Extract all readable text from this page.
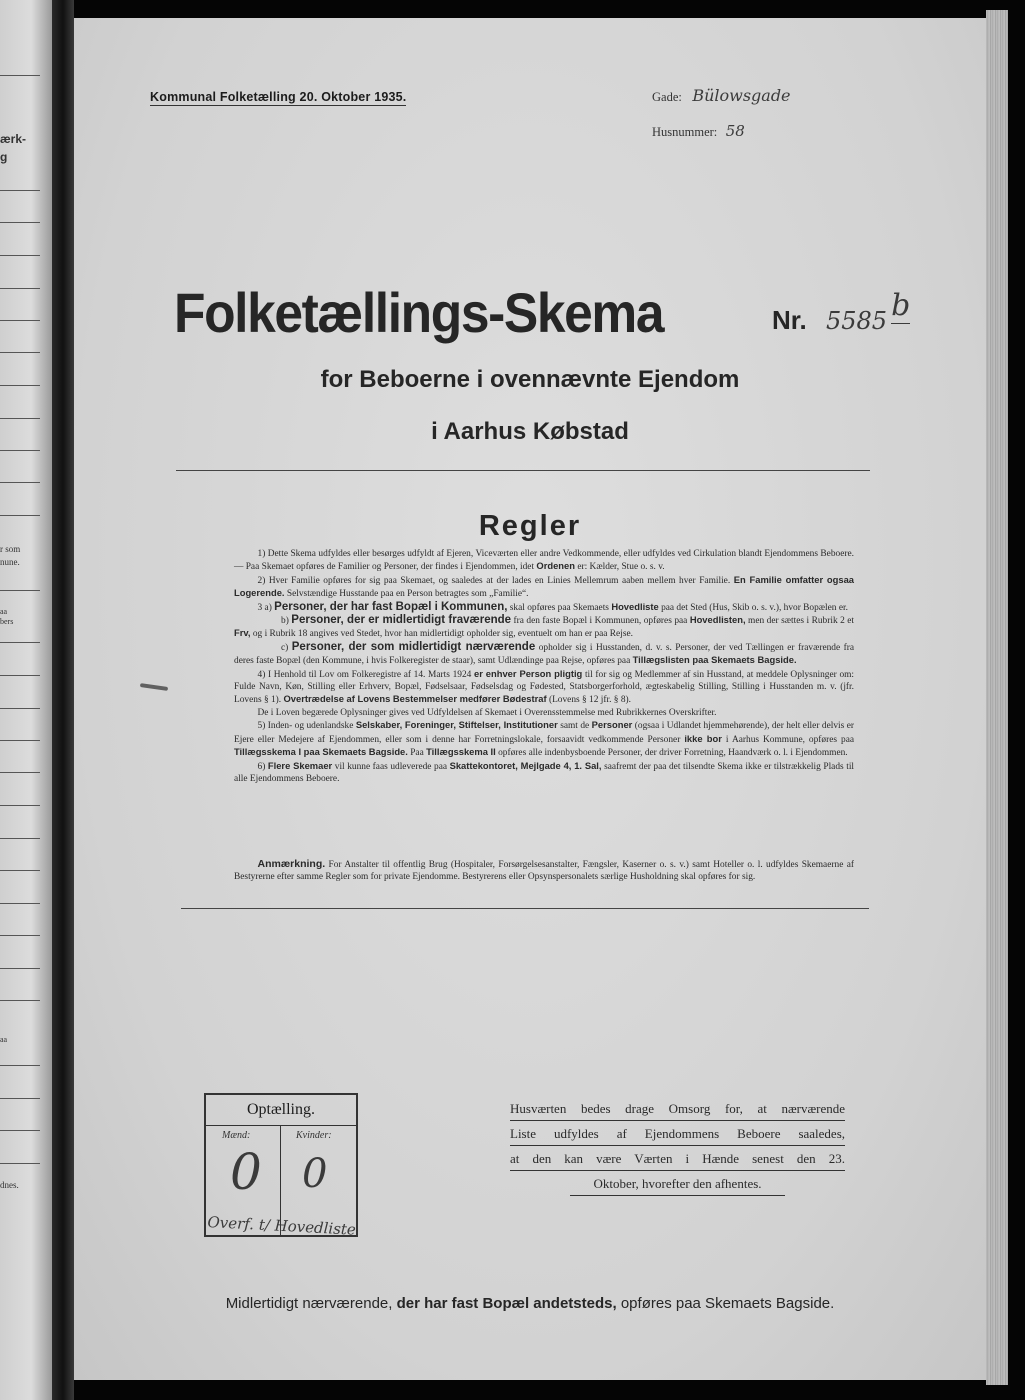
ærk-
g
r som
nune.
aa
bers
aa
dnes.
Kommunal Folketælling 20. Oktober 1935.	Gade: Bülowsgade
Husnummer: 58
Folketællings-Skema	Nr. 5585 b
for Beboerne i ovennævnte Ejendom
i Aarhus Købstad
Regler

1) Dette Skema udfyldes eller besørges udfyldt af Ejeren, Viceværten eller andre Vedkommende, eller udfyldes ved Cirkulation blandt Ejendommens Beboere. — Paa Skemaet opføres de Familier og Personer, der findes i Ejendommen, idet Ordenen er: Kælder, Stue o. s. v.

2) Hver Familie opføres for sig paa Skemaet, og saaledes at der lades en Linies Mellemrum aaben mellem hver Familie. En Familie omfatter ogsaa Logerende. Selvstændige Husstande paa en Person betragtes som „Familie“.

3 a) Personer, der har fast Bopæl i Kommunen, skal opføres paa Skemaets Hovedliste paa det Sted (Hus, Skib o. s. v.), hvor Bopælen er.

b) Personer, der er midlertidigt fraværende fra den faste Bopæl i Kommunen, opføres paa Hovedlisten, men der sættes i Rubrik 2 et Frv, og i Rubrik 18 angives ved Stedet, hvor han midlertidigt opholder sig, eventuelt om han er paa Rejse.

c) Personer, der som midlertidigt nærværende opholder sig i Husstanden, d. v. s. Personer, der ved Tællingen er fraværende fra deres faste Bopæl (den Kommune, i hvis Folkeregister de staar), samt Udlændinge paa Rejse, opføres paa Tillægslisten paa Skemaets Bagside.

4) I Henhold til Lov om Folkeregistre af 14. Marts 1924 er enhver Person pligtig til for sig og Medlemmer af sin Husstand, at meddele Oplysninger om: Fulde Navn, Køn, Stilling eller Erhverv, Bopæl, Fødselsaar, Fødselsdag og Fødested, Statsborgerforhold, ægteskabelig Stilling, Stilling i Husstanden m. v. (jfr. Lovens § 1). Overtrædelse af Lovens Bestemmelser medfører Bødestraf (Lovens § 12 jfr. § 8).

De i Loven begærede Oplysninger gives ved Udfyldelsen af Skemaet i Overensstemmelse med Rubrikkernes Overskrifter.

5) Inden- og udenlandske Selskaber, Foreninger, Stiftelser, Institutioner samt de Personer (ogsaa i Udlandet hjemmehørende), der helt eller delvis er Ejere eller Medejere af Ejendommen, eller som i denne har Forretningslokale, forsaavidt vedkommende Personer ikke bor i Aarhus Kommune, opføres paa Tillægsskema I paa Skemaets Bagside. Paa Tillægsskema II opføres alle indenbysboende Personer, der driver Forretning, Haandværk o. l. i Ejendommen.

6) Flere Skemaer vil kunne faas udleverede paa Skattekontoret, Mejlgade 4, 1. Sal, saafremt der paa det tilsendte Skema ikke er tilstrækkelig Plads til alle Ejendommens Beboere.

Anmærkning. For Anstalter til offentlig Brug (Hospitaler, Forsørgelsesanstalter, Fængsler, Kaserner o. s. v.) samt Hoteller o. l. udfyldes Skemaerne af Bestyrerne efter samme Regler som for private Ejendomme. Bestyrerens eller Opsynspersonalets særlige Husholdning skal opføres for sig.
Optælling.
Mænd:	Kvinder:
0 0
Overf. t/ Hovedliste
Husværten bedes drage Omsorg for, at nærværende
Liste udfyldes af Ejendommens Beboere saaledes,
at den kan være Værten i Hænde senest den 23.
Oktober, hvorefter den afhentes.
Midlertidigt nærværende, der har fast Bopæl andetsteds, opføres paa Skemaets Bagside.
